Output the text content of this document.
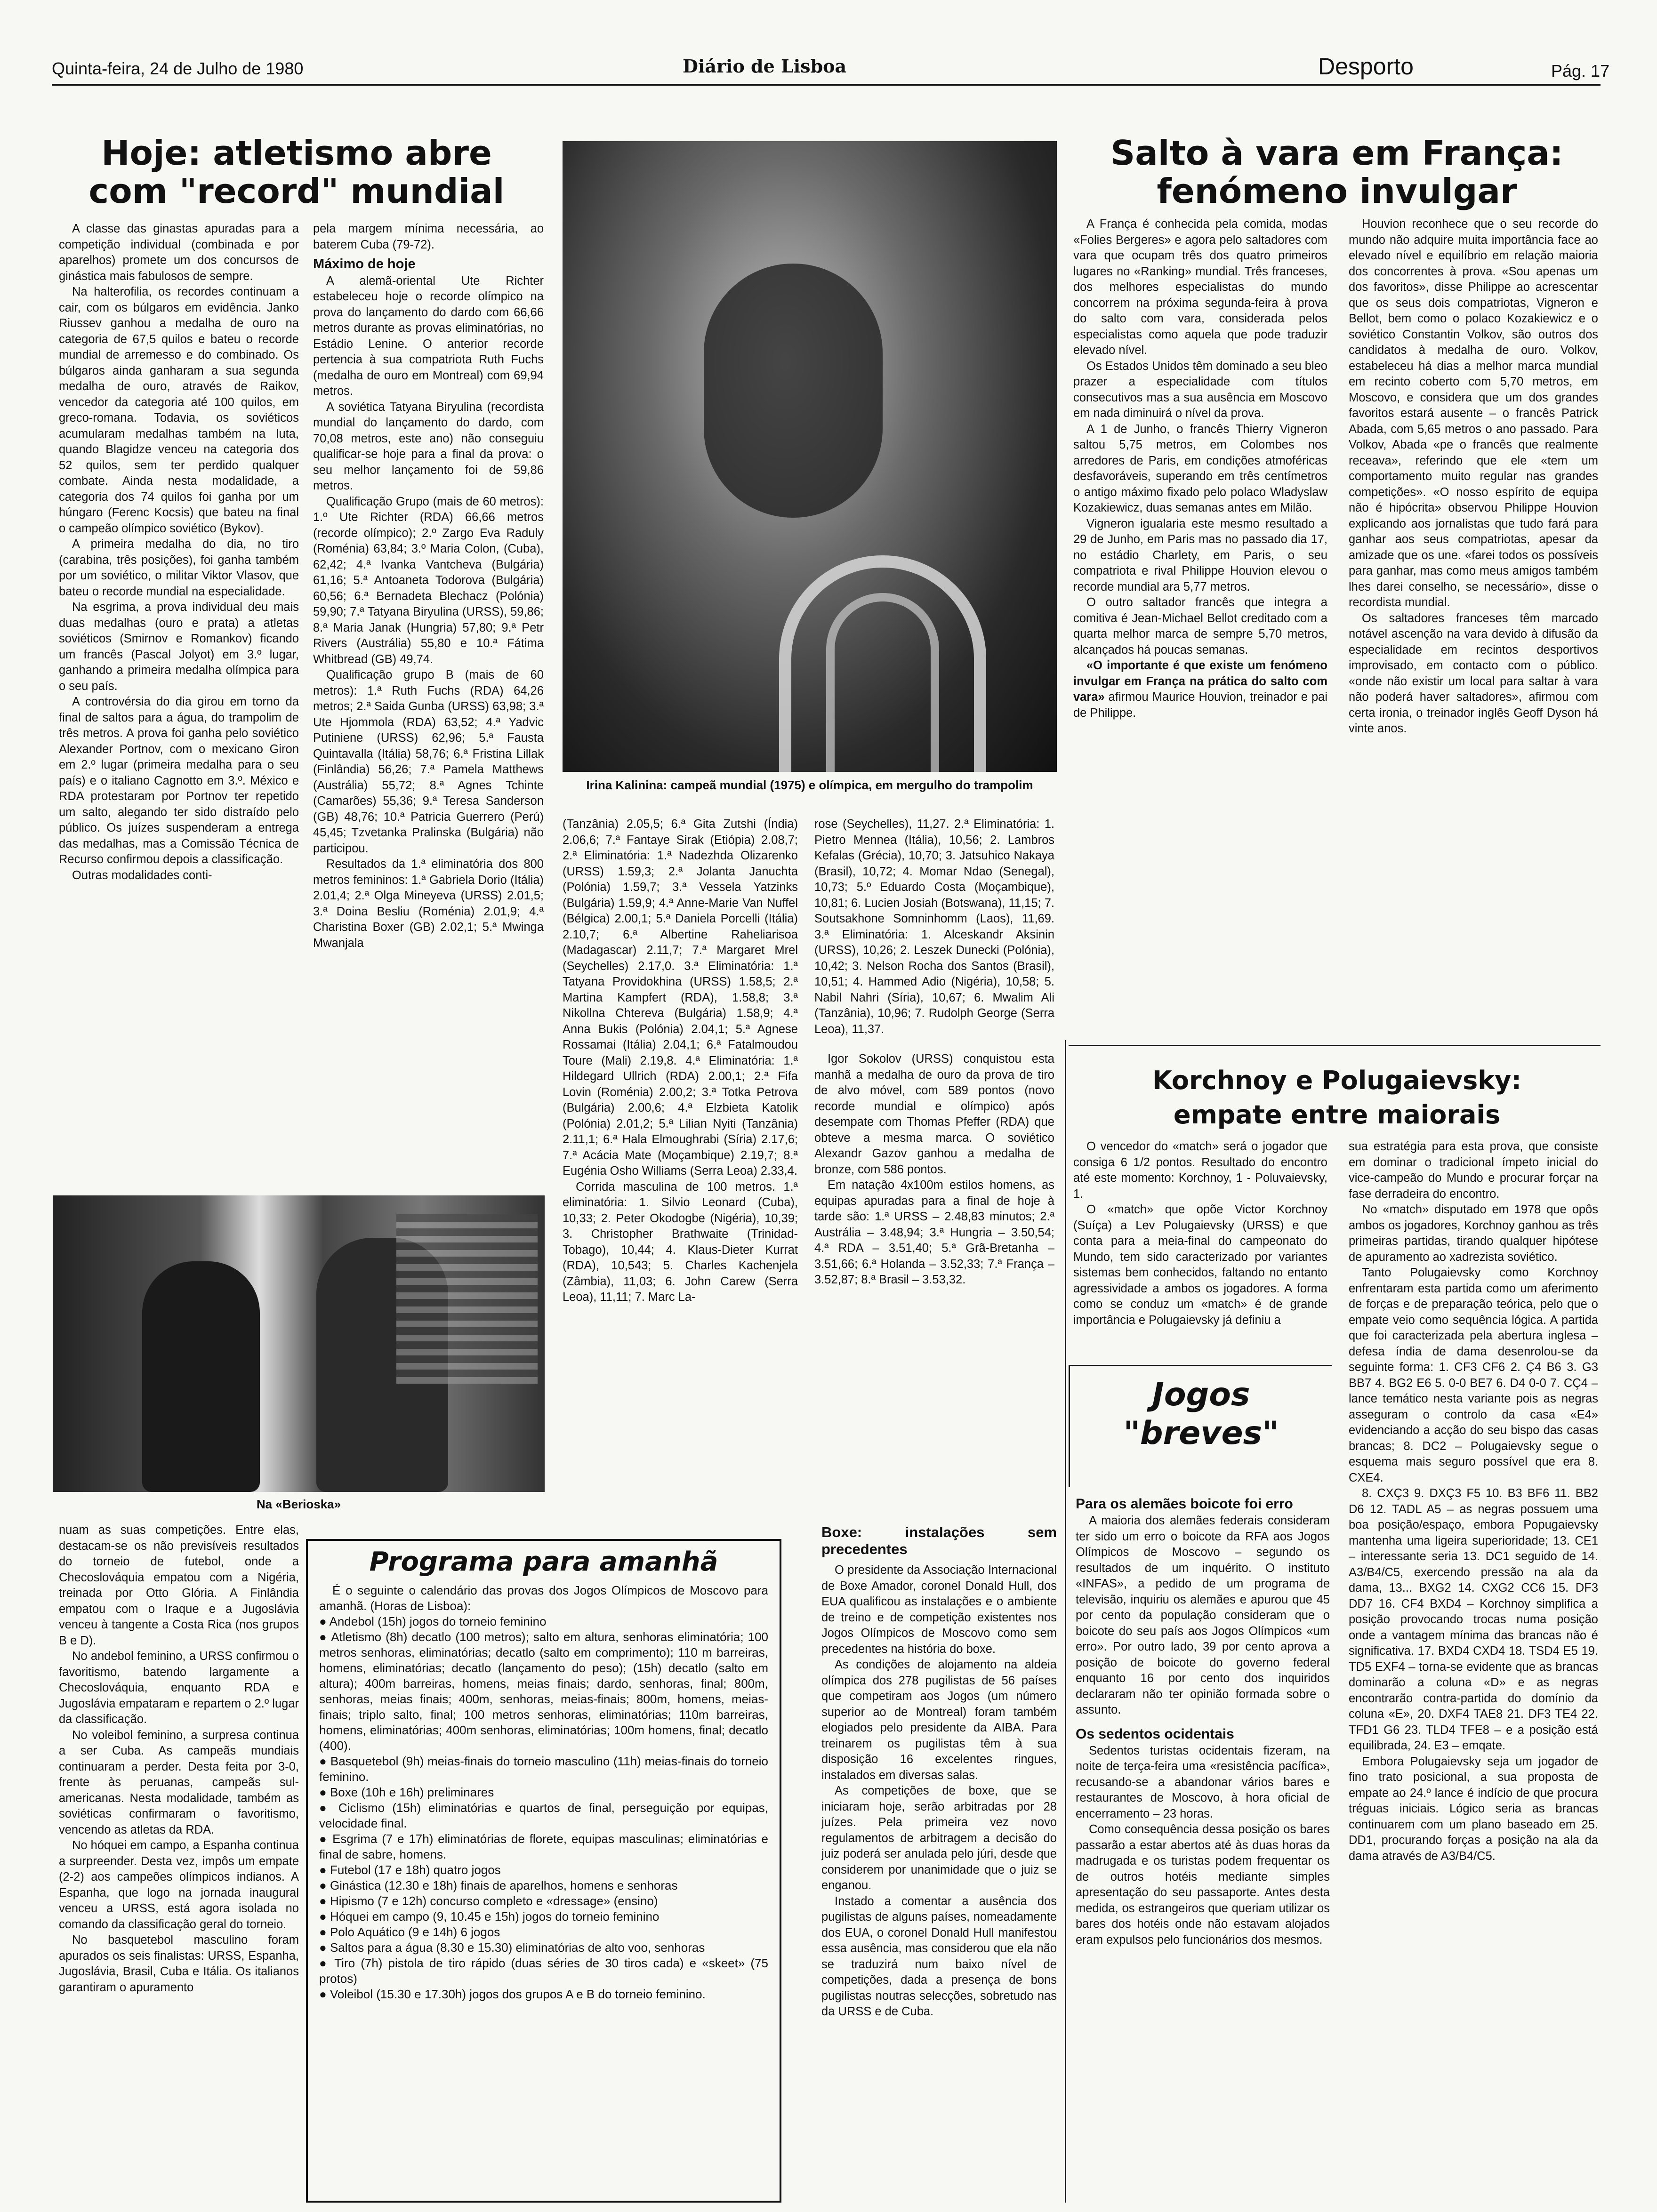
Quinta-feira, 24 de Julho de 1980	Diário de Lisboa	Desporto	Pág. 17
Hoje: atletismo abre
com "record" mundial

A classe das ginastas apuradas para a competição individual (combinada e por aparelhos) promete um dos concursos de ginástica mais fabulosos de sempre.

Na halterofilia, os recordes continuam a cair, com os búlgaros em evidência. Janko Riussev ganhou a medalha de ouro na categoria de 67,5 quilos e bateu o recorde mundial de arremesso e do combinado. Os búlgaros ainda ganharam a sua segunda medalha de ouro, através de Raikov, vencedor da categoria até 100 quilos, em greco-romana. Todavia, os soviéticos acumularam medalhas também na luta, quando Blagidze venceu na categoria dos 52 quilos, sem ter perdido qualquer combate. Ainda nesta modalidade, a categoria dos 74 quilos foi ganha por um húngaro (Ferenc Kocsis) que bateu na final o campeão olímpico soviético (Bykov).

A primeira medalha do dia, no tiro (carabina, três posições), foi ganha também por um soviético, o militar Viktor Vlasov, que bateu o recorde mundial na especialidade.

Na esgrima, a prova individual deu mais duas medalhas (ouro e prata) a atletas soviéticos (Smirnov e Romankov) ficando um francês (Pascal Jolyot) em 3.º lugar, ganhando a primeira medalha olímpica para o seu país.

A controvérsia do dia girou em torno da final de saltos para a água, do trampolim de três metros. A prova foi ganha pelo soviético Alexander Portnov, com o mexicano Giron em 2.º lugar (primeira medalha para o seu país) e o italiano Cagnotto em 3.º. México e RDA protestaram por Portnov ter repetido um salto, alegando ter sido distraído pelo público. Os juízes suspenderam a entrega das medalhas, mas a Comissão Técnica de Recurso confirmou depois a classificação.

Outras modalidades conti-

pela margem mínima necessária, ao baterem Cuba (79-72).

Máximo de hoje

A alemã-oriental Ute Richter estabeleceu hoje o recorde olímpico na prova do lançamento do dardo com 66,66 metros durante as provas eliminatórias, no Estádio Lenine. O anterior recorde pertencia à sua compatriota Ruth Fuchs (medalha de ouro em Montreal) com 69,94 metros.

A soviética Tatyana Biryulina (recordista mundial do lançamento do dardo, com 70,08 metros, este ano) não conseguiu qualificar-se hoje para a final da prova: o seu melhor lançamento foi de 59,86 metros.

Qualificação Grupo (mais de 60 metros): 1.º Ute Richter (RDA) 66,66 metros (recorde olímpico); 2.º Zargo Eva Raduly (Roménia) 63,84; 3.º Maria Colon, (Cuba), 62,42; 4.ª Ivanka Vantcheva (Bulgária) 61,16; 5.ª Antoaneta Todorova (Bulgária) 60,56; 6.ª Bernadeta Blechacz (Polónia) 59,90; 7.ª Tatyana Biryulina (URSS), 59,86; 8.ª Maria Janak (Hungria) 57,80; 9.ª Petr Rivers (Austrália) 55,80 e 10.ª Fátima Whitbread (GB) 49,74.

Qualificação grupo B (mais de 60 metros): 1.ª Ruth Fuchs (RDA) 64,26 metros; 2.ª Saida Gunba (URSS) 63,98; 3.ª Ute Hjommola (RDA) 63,52; 4.ª Yadvic Putiniene (URSS) 62,96; 5.ª Fausta Quintavalla (Itália) 58,76; 6.ª Fristina Lillak (Finlândia) 56,26; 7.ª Pamela Matthews (Austrália) 55,72; 8.ª Agnes Tchinte (Camarões) 55,36; 9.ª Teresa Sanderson (GB) 48,76; 10.ª Patricia Guerrero (Perú) 45,45; Tzvetanka Pralinska (Bulgária) não participou.

Resultados da 1.ª eliminatória dos 800 metros femininos: 1.ª Gabriela Dorio (Itália) 2.01,4; 2.ª Olga Mineyeva (URSS) 2.01,5; 3.ª Doina Besliu (Roménia) 2.01,9; 4.ª Charistina Boxer (GB) 2.02,1; 5.ª Mwinga Mwanjala

Na «Berioska»

nuam as suas competições. Entre elas, destacam-se os não previsíveis resultados do torneio de futebol, onde a Checoslováquia empatou com a Nigéria, treinada por Otto Glória. A Finlândia empatou com o Iraque e a Jugoslávia venceu à tangente a Costa Rica (nos grupos B e D).

No andebol feminino, a URSS confirmou o favoritismo, batendo largamente a Checoslováquia, enquanto RDA e Jugoslávia empataram e repartem o 2.º lugar da classificação.

No voleibol feminino, a surpresa continua a ser Cuba. As campeãs mundiais continuaram a perder. Desta feita por 3-0, frente às peruanas, campeãs sul-americanas. Nesta modalidade, também as soviéticas confirmaram o favoritismo, vencendo as atletas da RDA.

No hóquei em campo, a Espanha continua a surpreender. Desta vez, impôs um empate (2-2) aos campeões olímpicos indianos. A Espanha, que logo na jornada inaugural venceu a URSS, está agora isolada no comando da classificação geral do torneio.

No basquetebol masculino foram apurados os seis finalistas: URSS, Espanha, Jugoslávia, Brasil, Cuba e Itália. Os italianos garantiram o apuramento

Programa para amanhã

É o seguinte o calendário das provas dos Jogos Olímpicos de Moscovo para amanhã. (Horas de Lisboa):

● Andebol (15h) jogos do torneio feminino

● Atletismo (8h) decatlo (100 metros); salto em altura, senhoras eliminatória; 100 metros senhoras, eliminatórias; decatlo (salto em comprimento); 110 m barreiras, homens, eliminatórias; decatlo (lançamento do peso); (15h) decatlo (salto em altura); 400m barreiras, homens, meias finais; dardo, senhoras, final; 800m, senhoras, meias finais; 400m, senhoras, meias-finais; 800m, homens, meias-finais; triplo salto, final; 100 metros senhoras, eliminatórias; 110m barreiras, homens, eliminatórias; 400m senhoras, eliminatórias; 100m homens, final; decatlo (400).

● Basquetebol (9h) meias-finais do torneio masculino (11h) meias-finais do torneio feminino.

● Boxe (10h e 16h) preliminares

● Ciclismo (15h) eliminatórias e quartos de final, perseguição por equipas, velocidade final.

● Esgrima (7 e 17h) eliminatórias de florete, equipas masculinas; eliminatórias e final de sabre, homens.

● Futebol (17 e 18h) quatro jogos

● Ginástica (12.30 e 18h) finais de aparelhos, homens e senhoras

● Hipismo (7 e 12h) concurso completo e «dressage» (ensino)

● Hóquei em campo (9, 10.45 e 15h) jogos do torneio feminino

● Polo Aquático (9 e 14h) 6 jogos

● Saltos para a água (8.30 e 15.30) eliminatórias de alto voo, senhoras

● Tiro (7h) pistola de tiro rápido (duas séries de 30 tiros cada) e «skeet» (75 protos)

● Voleibol (15.30 e 17.30h) jogos dos grupos A e B do torneio feminino.

Irina Kalinina: campeã mundial (1975) e olímpica, em mergulho do trampolim

(Tanzânia) 2.05,5; 6.ª Gita Zutshi (Índia) 2.06,6; 7.ª Fantaye Sirak (Etiópia) 2.08,7; 2.ª Eliminatória: 1.ª Nadezhda Olizarenko (URSS) 1.59,3; 2.ª Jolanta Januchta (Polónia) 1.59,7; 3.ª Vessela Yatzinks (Bulgária) 1.59,9; 4.ª Anne-Marie Van Nuffel (Bélgica) 2.00,1; 5.ª Daniela Porcelli (Itália) 2.10,7; 6.ª Albertine Raheliarisoa (Madagascar) 2.11,7; 7.ª Margaret Mrel (Seychelles) 2.17,0. 3.ª Eliminatória: 1.ª Tatyana Providokhina (URSS) 1.58,5; 2.ª Martina Kampfert (RDA), 1.58,8; 3.ª Nikollna Chtereva (Bulgária) 1.58,9; 4.ª Anna Bukis (Polónia) 2.04,1; 5.ª Agnese Rossamai (Itália) 2.04,1; 6.ª Fatalmoudou Toure (Mali) 2.19,8. 4.ª Eliminatória: 1.ª Hildegard Ullrich (RDA) 2.00,1; 2.ª Fifa Lovin (Roménia) 2.00,2; 3.ª Totka Petrova (Bulgária) 2.00,6; 4.ª Elzbieta Katolik (Polónia) 2.01,2; 5.ª Lilian Nyiti (Tanzânia) 2.11,1; 6.ª Hala Elmoughrabi (Síria) 2.17,6; 7.ª Acácia Mate (Moçambique) 2.19,7; 8.ª Eugénia Osho Williams (Serra Leoa) 2.33,4.

Corrida masculina de 100 metros. 1.ª eliminatória: 1. Silvio Leonard (Cuba), 10,33; 2. Peter Okodogbe (Nigéria), 10,39; 3. Christopher Brathwaite (Trinidad-Tobago), 10,44; 4. Klaus-Dieter Kurrat (RDA), 10,543; 5. Charles Kachenjela (Zâmbia), 11,03; 6. John Carew (Serra Leoa), 11,11; 7. Marc La-

rose (Seychelles), 11,27. 2.ª Eliminatória: 1. Pietro Mennea (Itália), 10,56; 2. Lambros Kefalas (Grécia), 10,70; 3. Jatsuhico Nakaya (Brasil), 10,72; 4. Momar Ndao (Senegal), 10,73; 5.º Eduardo Costa (Moçambique), 10,81; 6. Lucien Josiah (Botswana), 11,15; 7. Soutsakhone Somninhomm (Laos), 11,69. 3.ª Eliminatória: 1. Alceskandr Aksinin (URSS), 10,26; 2. Leszek Dunecki (Polónia), 10,42; 3. Nelson Rocha dos Santos (Brasil), 10,51; 4. Hammed Adio (Nigéria), 10,58; 5. Nabil Nahri (Síria), 10,67; 6. Mwalim Ali (Tanzânia), 10,96; 7. Rudolph George (Serra Leoa), 11,37.

Igor Sokolov (URSS) conquistou esta manhã a medalha de ouro da prova de tiro de alvo móvel, com 589 pontos (novo recorde mundial e olímpico) após desempate com Thomas Pfeffer (RDA) que obteve a mesma marca. O soviético Alexandr Gazov ganhou a medalha de bronze, com 586 pontos.

Em natação 4x100m estilos homens, as equipas apuradas para a final de hoje à tarde são: 1.ª URSS – 2.48,83 minutos; 2.ª Austrália – 3.48,94; 3.ª Hungria – 3.50,54; 4.ª RDA – 3.51,40; 5.ª Grã-Bretanha – 3.51,66; 6.ª Holanda – 3.52,33; 7.ª França – 3.52,87; 8.ª Brasil – 3.53,32.

Boxe: instalações sem precedentes

O presidente da Associação Internacional de Boxe Amador, coronel Donald Hull, dos EUA qualificou as instalações e o ambiente de treino e de competição existentes nos Jogos Olímpicos de Moscovo como sem precedentes na história do boxe.

As condições de alojamento na aldeia olímpica dos 278 pugilistas de 56 países que competiram aos Jogos (um número superior ao de Montreal) foram também elogiados pelo presidente da AIBA. Para treinarem os pugilistas têm à sua disposição 16 excelentes ringues, instalados em diversas salas.

As competições de boxe, que se iniciaram hoje, serão arbitradas por 28 juízes. Pela primeira vez novo regulamentos de arbitragem a decisão do juiz poderá ser anulada pelo júri, desde que considerem por unanimidade que o juiz se enganou.

Instado a comentar a ausência dos pugilistas de alguns países, nomeadamente dos EUA, o coronel Donald Hull manifestou essa ausência, mas considerou que ela não se traduzirá num baixo nível de competições, dada a presença de bons pugilistas noutras selecções, sobretudo nas da URSS e de Cuba.

Salto à vara em França:
fenómeno invulgar

A França é conhecida pela comida, modas «Folies Bergeres» e agora pelo saltadores com vara que ocupam três dos quatro primeiros lugares no «Ranking» mundial. Três franceses, dos melhores especialistas do mundo concorrem na próxima segunda-feira à prova do salto com vara, considerada pelos especialistas como aquela que pode traduzir elevado nível.

Os Estados Unidos têm dominado a seu bleo prazer a especialidade com títulos consecutivos mas a sua ausência em Moscovo em nada diminuirá o nível da prova.

A 1 de Junho, o francês Thierry Vigneron saltou 5,75 metros, em Colombes nos arredores de Paris, em condições atmoféricas desfavoráveis, superando em três centímetros o antigo máximo fixado pelo polaco Wladyslaw Kozakiewicz, duas semanas antes em Milão.

Vigneron igualaria este mesmo resultado a 29 de Junho, em Paris mas no passado dia 17, no estádio Charlety, em Paris, o seu compatriota e rival Philippe Houvion elevou o recorde mundial ara 5,77 metros.

O outro saltador francês que integra a comitiva é Jean-Michael Bellot creditado com a quarta melhor marca de sempre 5,70 metros, alcançados há poucas semanas.

«O importante é que existe um fenómeno invulgar em França na prática do salto com vara» afirmou Maurice Houvion, treinador e pai de Philippe.

Houvion reconhece que o seu recorde do mundo não adquire muita importância face ao elevado nível e equilíbrio em relação maioria dos concorrentes à prova. «Sou apenas um dos favoritos», disse Philippe ao acrescentar que os seus dois compatriotas, Vigneron e Bellot, bem como o polaco Kozakiewicz e o soviético Constantin Volkov, são outros dos candidatos à medalha de ouro. Volkov, estabeleceu há dias a melhor marca mundial em recinto coberto com 5,70 metros, em Moscovo, e considera que um dos grandes favoritos estará ausente – o francês Patrick Abada, com 5,65 metros o ano passado. Para Volkov, Abada «pe o francês que realmente receava», referindo que ele «tem um comportamento muito regular nas grandes competições». «O nosso espírito de equipa não é hipócrita» observou Philippe Houvion explicando aos jornalistas que tudo fará para ganhar aos seus compatriotas, apesar da amizade que os une. «farei todos os possíveis para ganhar, mas como meus amigos também lhes darei conselho, se necessário», disse o recordista mundial.

Os saltadores franceses têm marcado notável ascenção na vara devido à difusão da especialidade em recintos desportivos improvisado, em contacto com o público. «onde não existir um local para saltar à vara não poderá haver saltadores», afirmou com certa ironia, o treinador inglês Geoff Dyson há vinte anos.

Korchnoy e Polugaievsky:
empate entre maiorais

O vencedor do «match» será o jogador que consiga 6 1/2 pontos. Resultado do encontro até este momento: Korchnoy, 1 - Poluvaievsky, 1.

O «match» que opõe Victor Korchnoy (Suíça) a Lev Polugaievsky (URSS) e que conta para a meia-final do campeonato do Mundo, tem sido caracterizado por variantes sistemas bem conhecidos, faltando no entanto agressividade a ambos os jogadores. A forma como se conduz um «match» é de grande importância e Polugaievsky já definiu a

sua estratégia para esta prova, que consiste em dominar o tradicional ímpeto inicial do vice-campeão do Mundo e procurar forçar na fase derradeira do encontro.

No «match» disputado em 1978 que opôs ambos os jogadores, Korchnoy ganhou as três primeiras partidas, tirando qualquer hipótese de apuramento ao xadrezista soviético.

Tanto Polugaievsky como Korchnoy enfrentaram esta partida como um aferimento de forças e de preparação teórica, pelo que o empate veio como sequência lógica. A partida que foi caracterizada pela abertura inglesa – defesa índia de dama desenrolou-se da seguinte forma: 1. CF3 CF6 2. Ç4 B6 3. G3 BB7 4. BG2 E6 5. 0-0 BE7 6. D4 0-0 7. CÇ4 – lance temático nesta variante pois as negras asseguram o controlo da casa «E4» evidenciando a acção do seu bispo das casas brancas; 8. DC2 – Polugaievsky segue o esquema mais seguro possível que era 8. CXE4.

8. CXÇ3 9. DXÇ3 F5 10. B3 BF6 11. BB2 D6 12. TADL A5 – as negras possuem uma boa posição/espaço, embora Popugaievsky mantenha uma ligeira superioridade; 13. CE1 – interessante seria 13. DC1 seguido de 14. A3/B4/C5, exercendo pressão na ala da dama, 13... BXG2 14. CXG2 CC6 15. DF3 DD7 16. CF4 BXD4 – Korchnoy simplifica a posição provocando trocas numa posição onde a vantagem mínima das brancas não é significativa. 17. BXD4 CXD4 18. TSD4 E5 19. TD5 EXF4 – torna-se evidente que as brancas dominarão a coluna «D» e as negras encontrarão contra-partida do domínio da coluna «E», 20. DXF4 TAE8 21. DF3 TE4 22. TFD1 G6 23. TLD4 TFE8 – e a posição está equilibrada, 24. E3 – emqate.

Embora Polugaievsky seja um jogador de fino trato posicional, a sua proposta de empate ao 24.º lance é indício de que procura tréguas iniciais. Lógico seria as brancas continuarem com um plano baseado em 25. DD1, procurando forças a posição na ala da dama através de A3/B4/C5.

Jogos
"breves"
Para os alemães boicote foi erro

A maioria dos alemães federais consideram ter sido um erro o boicote da RFA aos Jogos Olímpicos de Moscovo – segundo os resultados de um inquérito. O instituto «INFAS», a pedido de um programa de televisão, inquiriu os alemães e apurou que 45 por cento da população consideram que o boicote do seu país aos Jogos Olímpicos «um erro». Por outro lado, 39 por cento aprova a posição de boicote do governo federal enquanto 16 por cento dos inquiridos declararam não ter opinião formada sobre o assunto.

Os sedentos ocidentais

Sedentos turistas ocidentais fizeram, na noite de terça-feira uma «resistência pacífica», recusando-se a abandonar vários bares e restaurantes de Moscovo, à hora oficial de encerramento – 23 horas.

Como consequência dessa posição os bares passarão a estar abertos até às duas horas da madrugada e os turistas podem frequentar os de outros hotéis mediante simples apresentação do seu passaporte. Antes desta medida, os estrangeiros que queriam utilizar os bares dos hotéis onde não estavam alojados eram expulsos pelo funcionários dos mesmos.
